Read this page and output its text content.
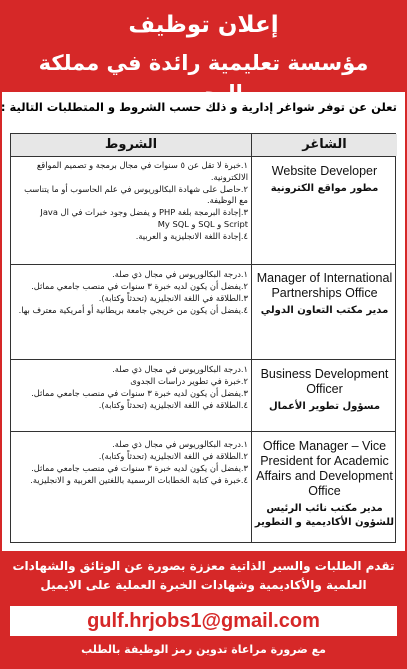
إعلان توظيف
مؤسسة تعليمية رائدة في مملكة البحرين
تعلن عن توفر شواغر إدارية و ذلك حسب الشروط و المتطلبات التالية :
الشاغر
الشروط
Website Developer
مطور مواقع الكترونية
١.خبرة لا تقل عن ٥ سنوات في مجال برمجة و تصميم المواقع الالكترونية.
٢.حاصل على شهادة البكالوريوس في علم الحاسوب أو ما يتناسب مع الوظيفة.
٣.إجادة البرمجة بلغة PHP و يفضل وجود خبرات في ال Java Script و SQL و My SQL
٤.إجادة اللغة الانجليزية و العربية.
Manager of International Partnerships Office
مدير مكتب التعاون الدولي
١.درجة البكالوريوس في مجال ذي صلة.
٢.يفضل أن يكون لديه خبرة ٣ سنوات في منصب جامعي مماثل.
٣.الطلاقة في اللغة الانجليزية (تحدثاً وكتابة).
٤.يفضل أن يكون من خريجي جامعة بريطانية أو أمريكية معترف بها.
Business Development Officer
مسؤول تطوير الأعمال
١.درجة البكالوريوس في مجال ذي صلة.
٢.خبرة في تطوير دراسات الجدوى
٣.يفضل أن يكون لديه خبرة ٣ سنوات في منصب جامعي مماثل.
٤.الطلاقة في اللغة الانجليزية (تحدثاً وكتابة).
Office Manager – Vice President for Academic Affairs and Development Office
مدير مكتب نائب الرئيس للشؤون الأكاديمية و التطوير
١.درجة البكالوريوس في مجال ذي صلة.
٢.الطلاقة في اللغة الانجليزية (تحدثاً وكتابة).
٣.يفضل أن يكون لديه خبرة ٣ سنوات في منصب جامعي مماثل.
٤.خبرة في كتابة الخطابات الرسمية باللغتين العربية و الانجليزية.
تقدم الطلبات والسير الذاتية معززة بصورة عن الوثائق والشهادات العلمية والأكاديمية وشهادات الخبرة العملية على الايميل
gulf.hrjobs1@gmail.com
مع ضرورة مراعاة تدوين رمز الوظيفة بالطلب
